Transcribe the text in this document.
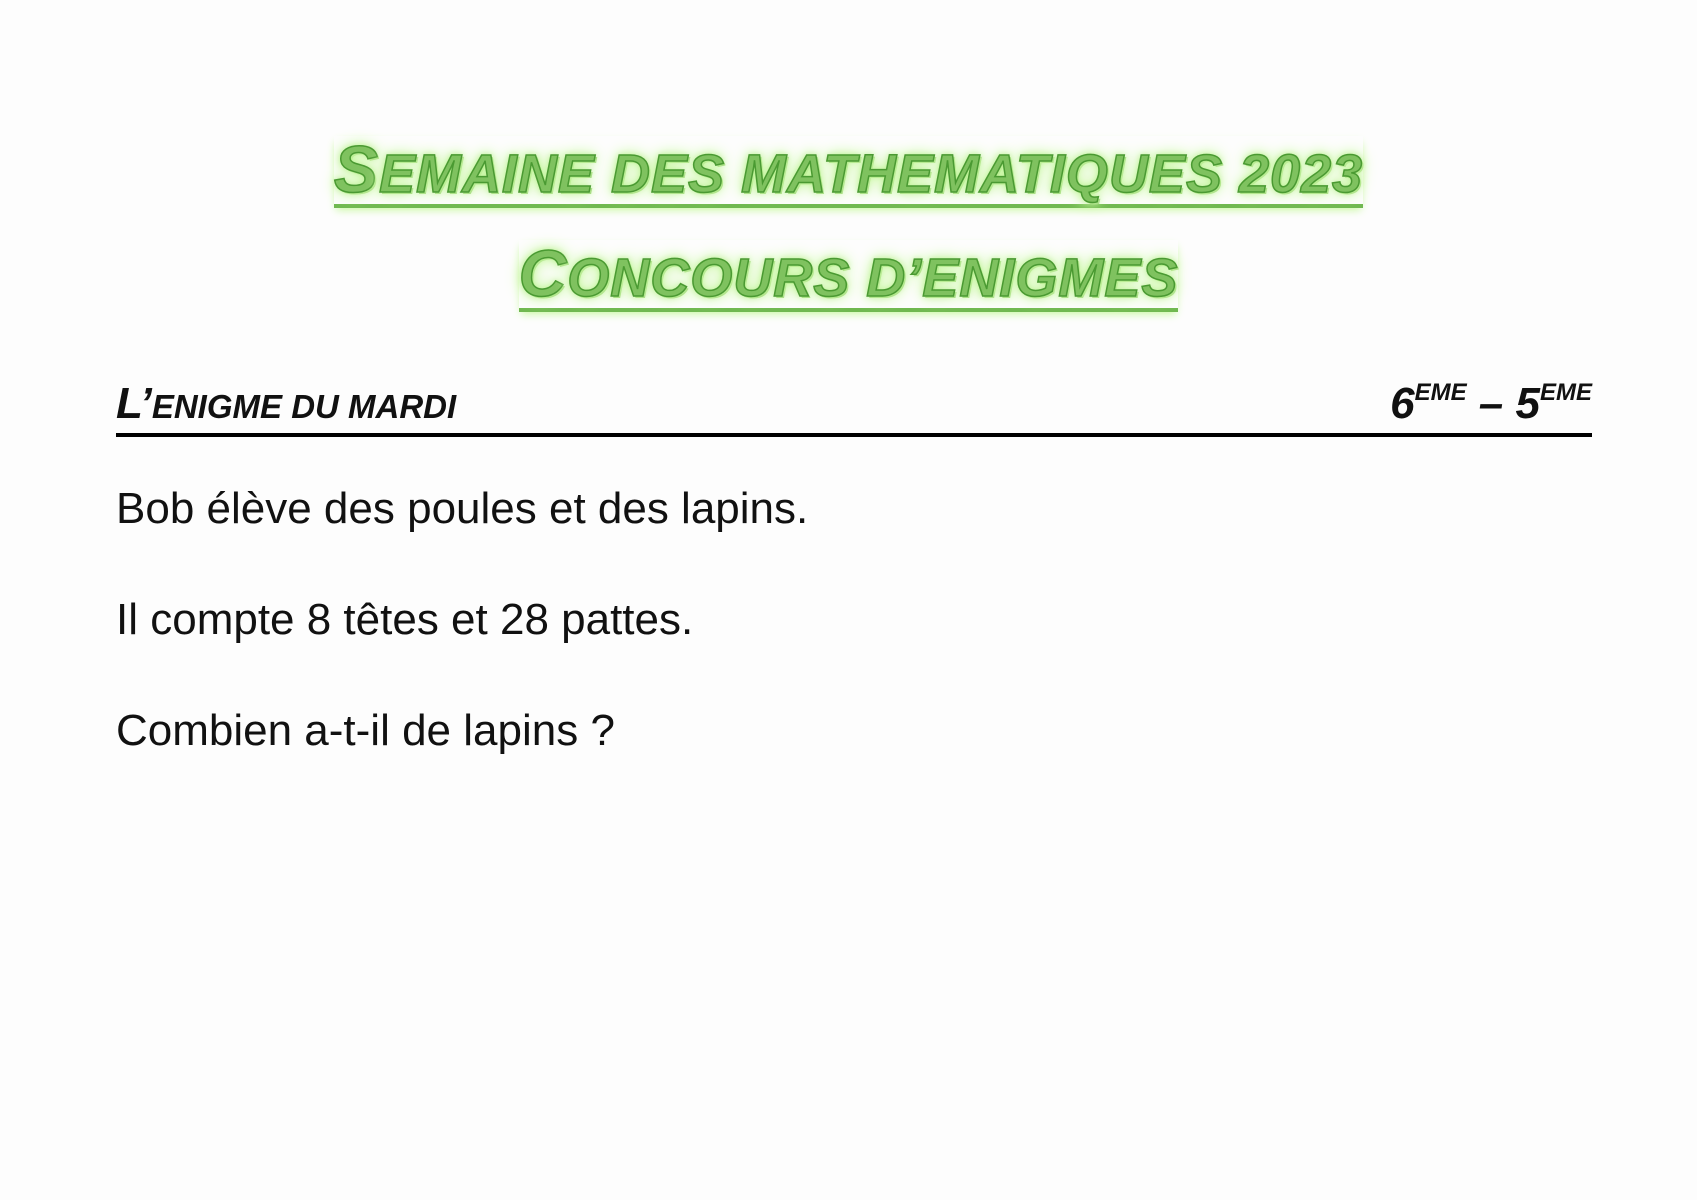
SEMAINE DES MATHEMATIQUES 2023
CONCOURS D’ENIGMES
L’ENIGME DU MARDI	6EME – 5EME
Bob élève des poules et des lapins.
Il compte 8 têtes et 28 pattes.
Combien a-t-il de lapins ?
